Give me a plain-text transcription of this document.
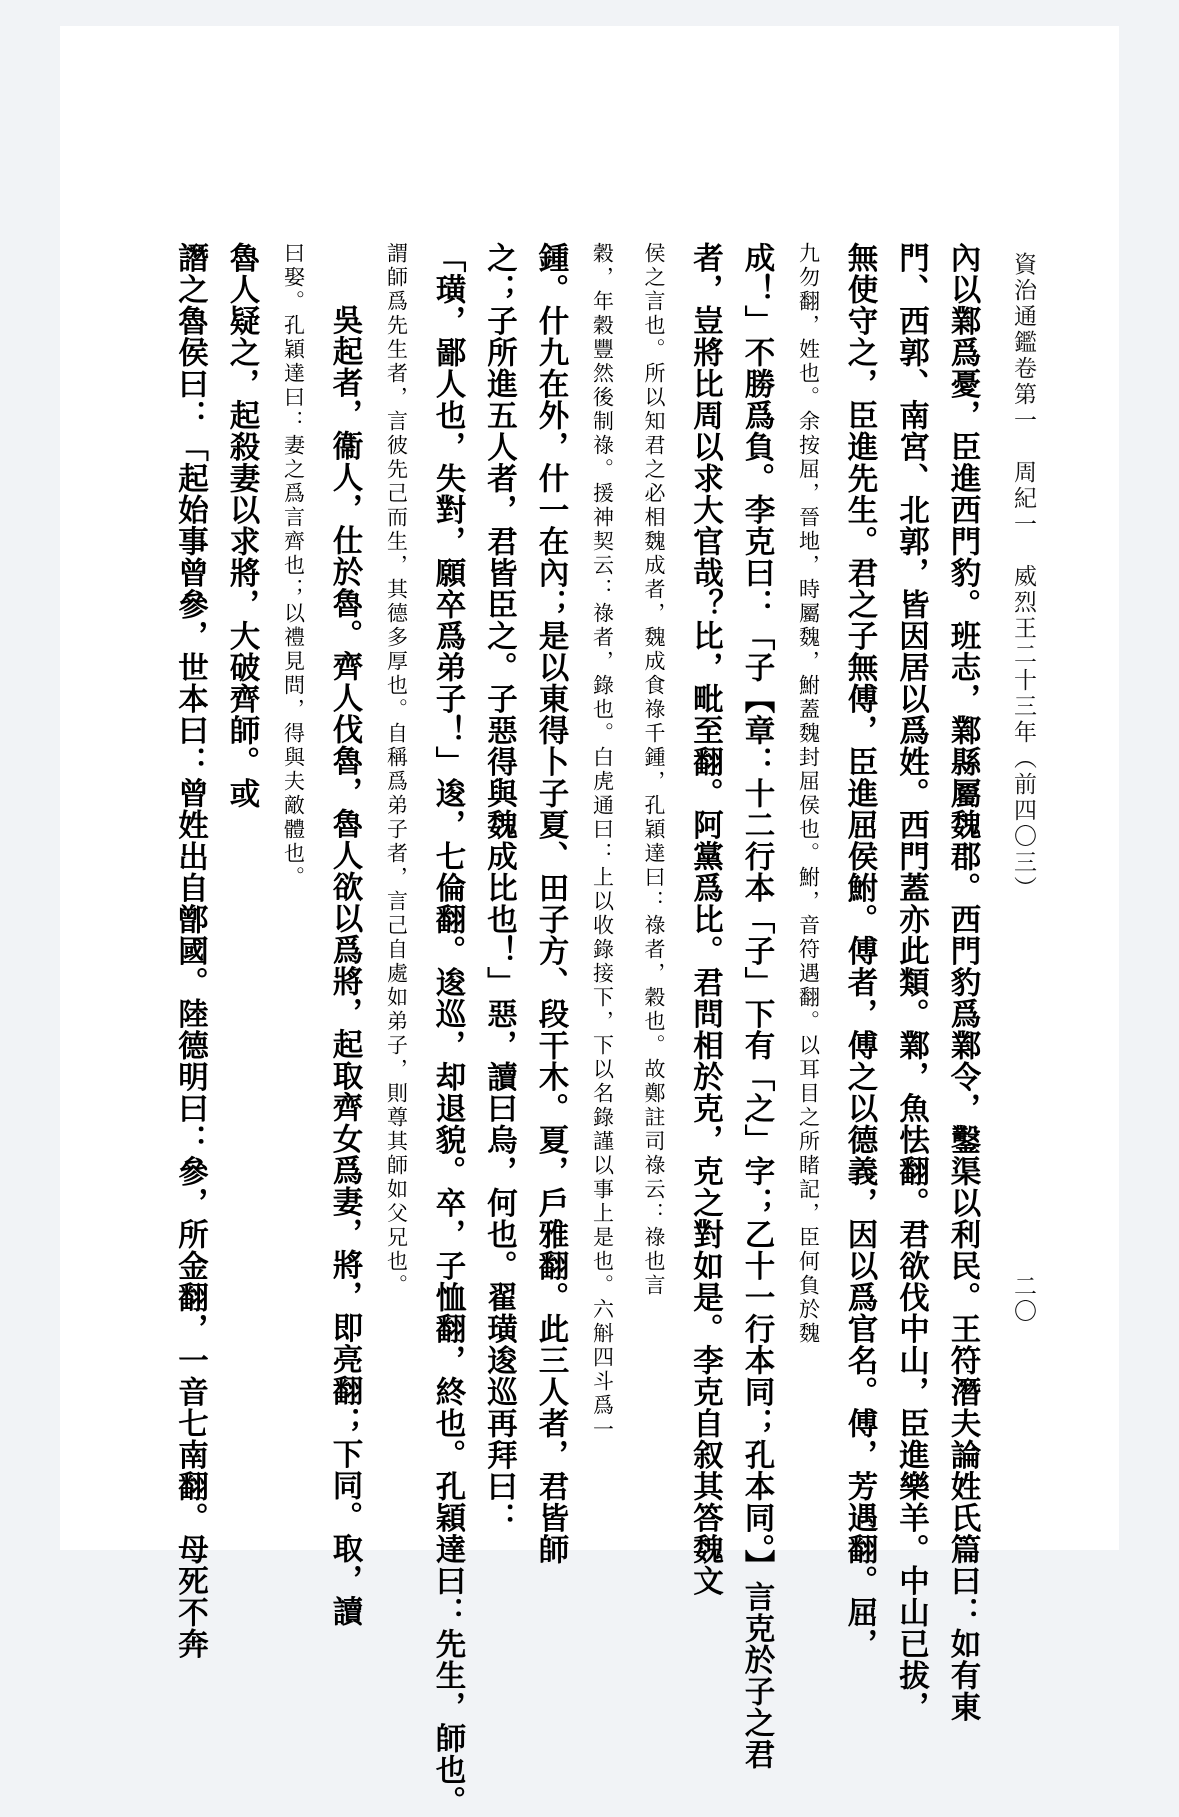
資治通鑑卷第一　周紀一　威烈王二十三年（前四〇三）
二〇
內以鄴爲憂，臣進西門豹。班志，鄴縣屬魏郡。西門豹爲鄴令，鑿渠以利民。王符潛夫論姓氏篇曰：如有東
門、西郭、南宮、北郭，皆因居以爲姓。西門蓋亦此類。鄴，魚怯翻。君欲伐中山，臣進樂羊。中山已拔，
無使守之，臣進先生。君之子無傅，臣進屈侯鮒。傅者，傅之以德義，因以爲官名。傅，芳遇翻。屈，
九勿翻，姓也。余按屈，晉地，時屬魏，鮒蓋魏封屈侯也。鮒，音符遇翻。以耳目之所睹記，臣何負於魏
成！」不勝爲負。李克曰：「子【章：十二行本「子」下有「之」字；乙十一行本同；孔本同。】言克於子之君
者，豈將比周以求大官哉？比，毗至翻。阿黨爲比。君問相於克，克之對如是。李克自叙其答魏文
侯之言也。所以知君之必相魏成者，魏成食祿千鍾，孔穎達曰：祿者，穀也。故鄭註司祿云：祿也言
穀，年穀豐然後制祿。援神契云：祿者，錄也。白虎通曰：上以收錄接下，下以名錄謹以事上是也。六斛四斗爲一
鍾。什九在外，什一在內；是以東得卜子夏、田子方、段干木。夏，戶雅翻。此三人者，君皆師
之；子所進五人者，君皆臣之。子惡得與魏成比也！」惡，讀曰烏，何也。翟璜逡巡再拜曰：
「璜，鄙人也，失對，願卒爲弟子！」逡，七倫翻。逡巡，却退貌。卒，子恤翻，終也。孔穎達曰：先生，師也。
謂師爲先生者，言彼先己而生，其德多厚也。自稱爲弟子者，言己自處如弟子，則尊其師如父兄也。
吳起者，衞人，仕於魯。齊人伐魯，魯人欲以爲將，起取齊女爲妻，將，即亮翻；下同。取，讀
曰娶。孔穎達曰：妻之爲言齊也；以禮見問，得與夫敵體也。
魯人疑之，起殺妻以求將，大破齊師。或
譖之魯侯曰：「起始事曾參，世本曰：曾姓出自鄫國。陸德明曰：參，所金翻，一音七南翻。母死不奔
